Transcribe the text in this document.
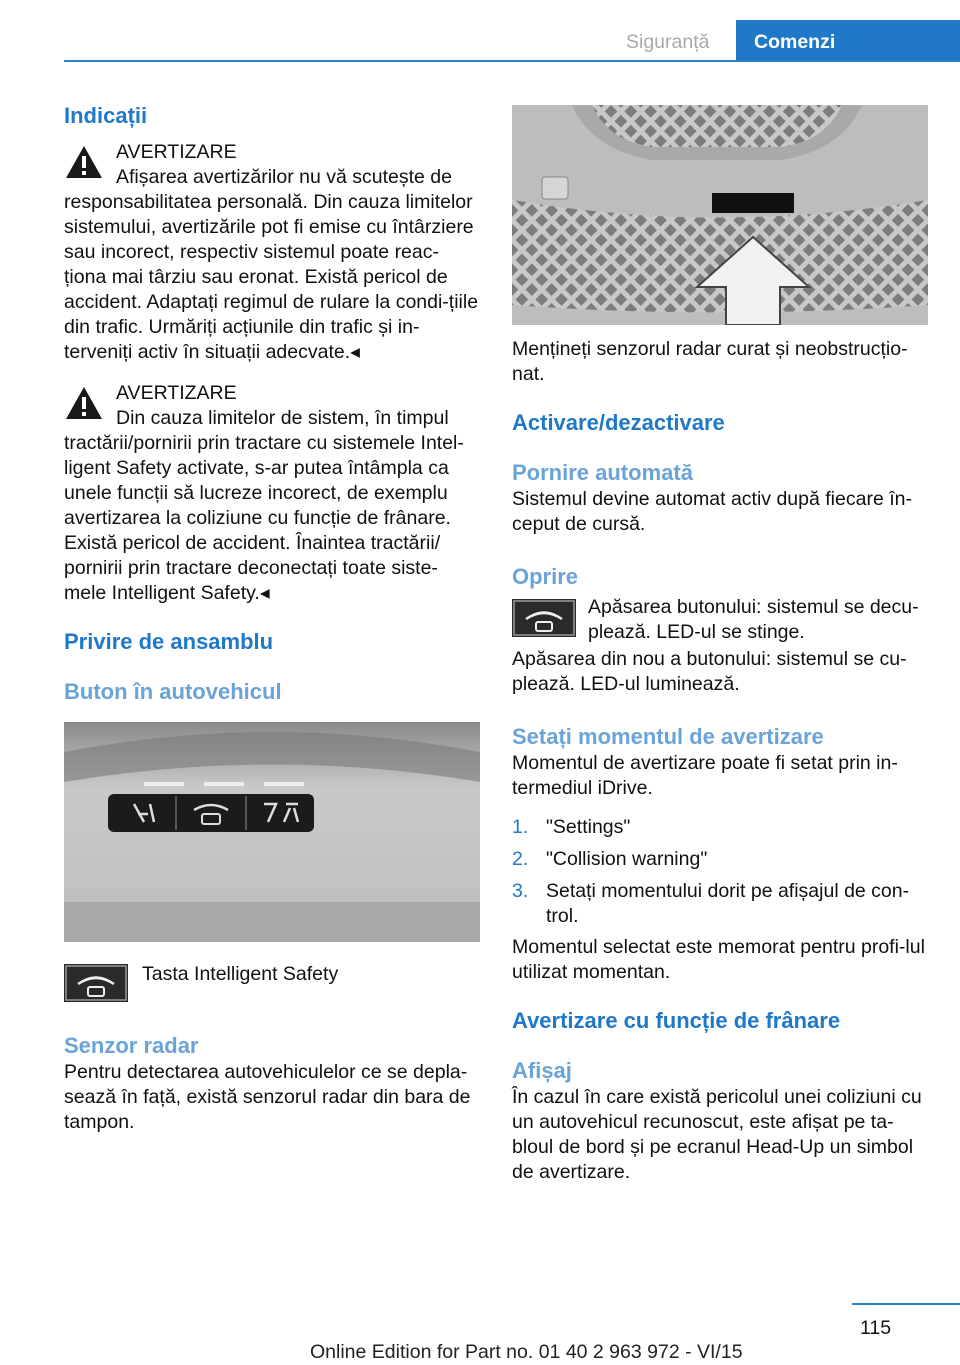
Siguranță Comenzi
Indicații
AVERTIZARE
Afișarea avertizărilor nu vă scutește de

responsabilitatea personală. Din cauza limitelor sistemului, avertizările pot fi emise cu întârziere sau incorect, respectiv sistemul poate reac-ționa mai târziu sau eronat. Există pericol de accident. Adaptați regimul de rulare la condi-țiile din trafic. Urmăriți acțiunile din trafic și in-terveniți activ în situații adecvate.◂

AVERTIZARE
Din cauza limitelor de sistem, în timpul

tractării/pornirii prin tractare cu sistemele Intel-ligent Safety activate, s-ar putea întâmpla ca unele funcții să lucreze incorect, de exemplu avertizarea la coliziune cu funcție de frânare. Există pericol de accident. Înaintea tractării/ pornirii prin tractare deconectați toate siste-mele Intelligent Safety.◂

Privire de ansamblu
Buton în autovehicul
Tasta Intelligent Safety
Senzor radar

Pentru detectarea autovehiculelor ce se depla-sează în față, există senzorul radar din bara de tampon.

Mențineți senzorul radar curat și neobstrucțio-nat.

Activare/dezactivare
Pornire automată

Sistemul devine automat activ după fiecare în-ceput de cursă.

Oprire

Apăsarea butonului: sistemul se decu-plează. LED-ul se stinge.

Apăsarea din nou a butonului: sistemul se cu-plează. LED-ul luminează.

Setați momentul de avertizare

Momentul de avertizare poate fi setat prin in-termediul iDrive.

1. "Settings"
2. "Collision warning"
3. Setați momentului dorit pe afișajul de con-trol.

Momentul selectat este memorat pentru profi-lul utilizat momentan.

Avertizare cu funcție de frânare
Afișaj

În cazul în care există pericolul unei coliziuni cu un autovehicul recunoscut, este afișat pe ta-bloul de bord și pe ecranul Head-Up un simbol de avertizare.

115
Online Edition for Part no. 01 40 2 963 972 - VI/15
